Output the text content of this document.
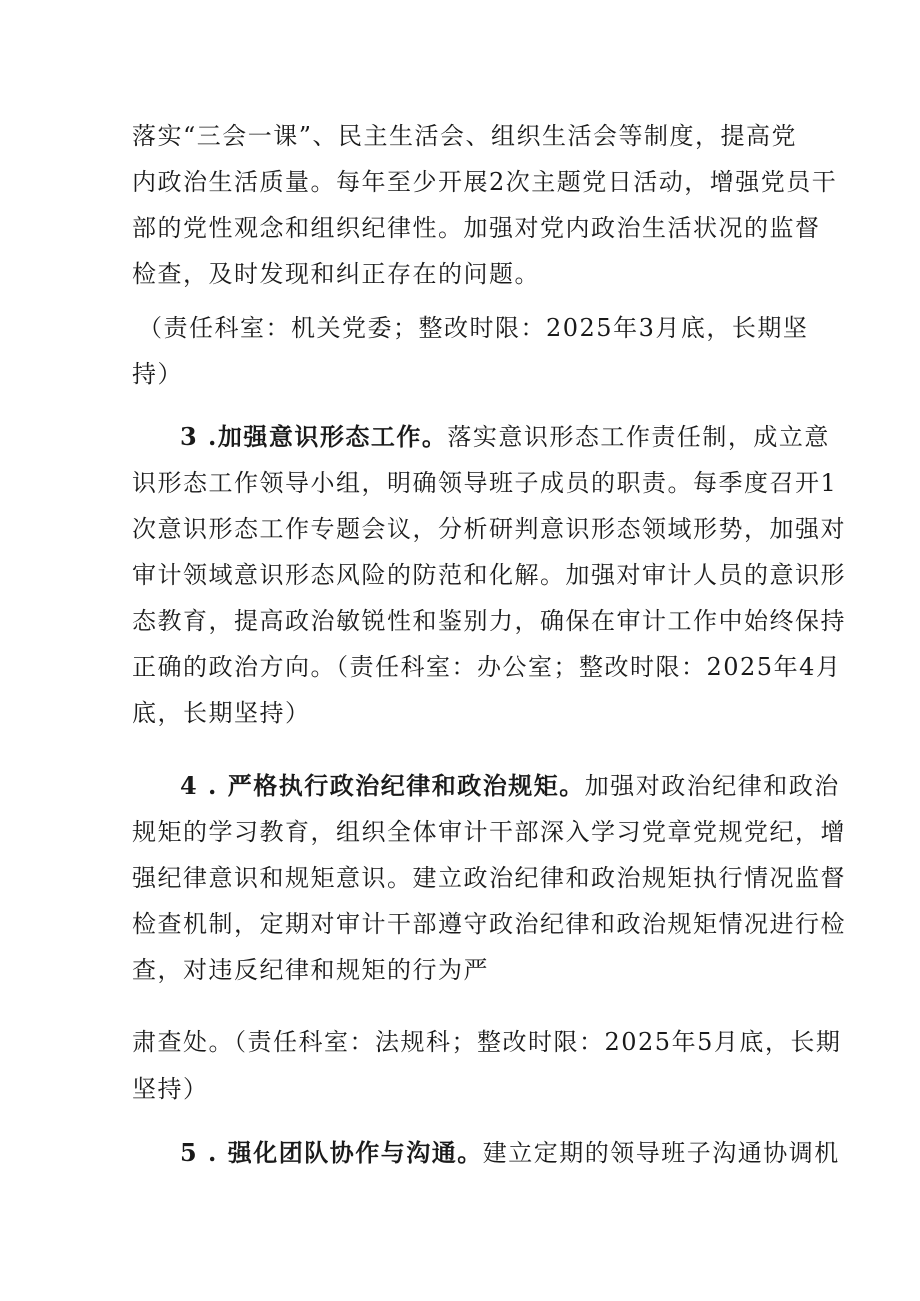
落实“三会一课”、民主生活会、组织生活会等制度，提高党
内政治生活质量。每年至少开展2次主题党日活动，增强党员干
部的党性观念和组织纪律性。加强对党内政治生活状况的监督
检查，及时发现和纠正存在的问题。
（责任科室：机关党委；整改时限：2025年3月底，长期坚
持）
3 .加强意识形态工作。落实意识形态工作责任制，成立意
识形态工作领导小组，明确领导班子成员的职责。每季度召开1
次意识形态工作专题会议，分析研判意识形态领域形势，加强对
审计领域意识形态风险的防范和化解。加强对审计人员的意识形
态教育，提高政治敏锐性和鉴别力，确保在审计工作中始终保持
正确的政治方向。（责任科室：办公室；整改时限：2025年4月
底，长期坚持）
4 . 严格执行政治纪律和政治规矩。加强对政治纪律和政治
规矩的学习教育，组织全体审计干部深入学习党章党规党纪，增
强纪律意识和规矩意识。建立政治纪律和政治规矩执行情况监督
检查机制，定期对审计干部遵守政治纪律和政治规矩情况进行检
查，对违反纪律和规矩的行为严
肃查处。（责任科室：法规科；整改时限：2025年5月底，长期
坚持）
5 . 强化团队协作与沟通。建立定期的领导班子沟通协调机
